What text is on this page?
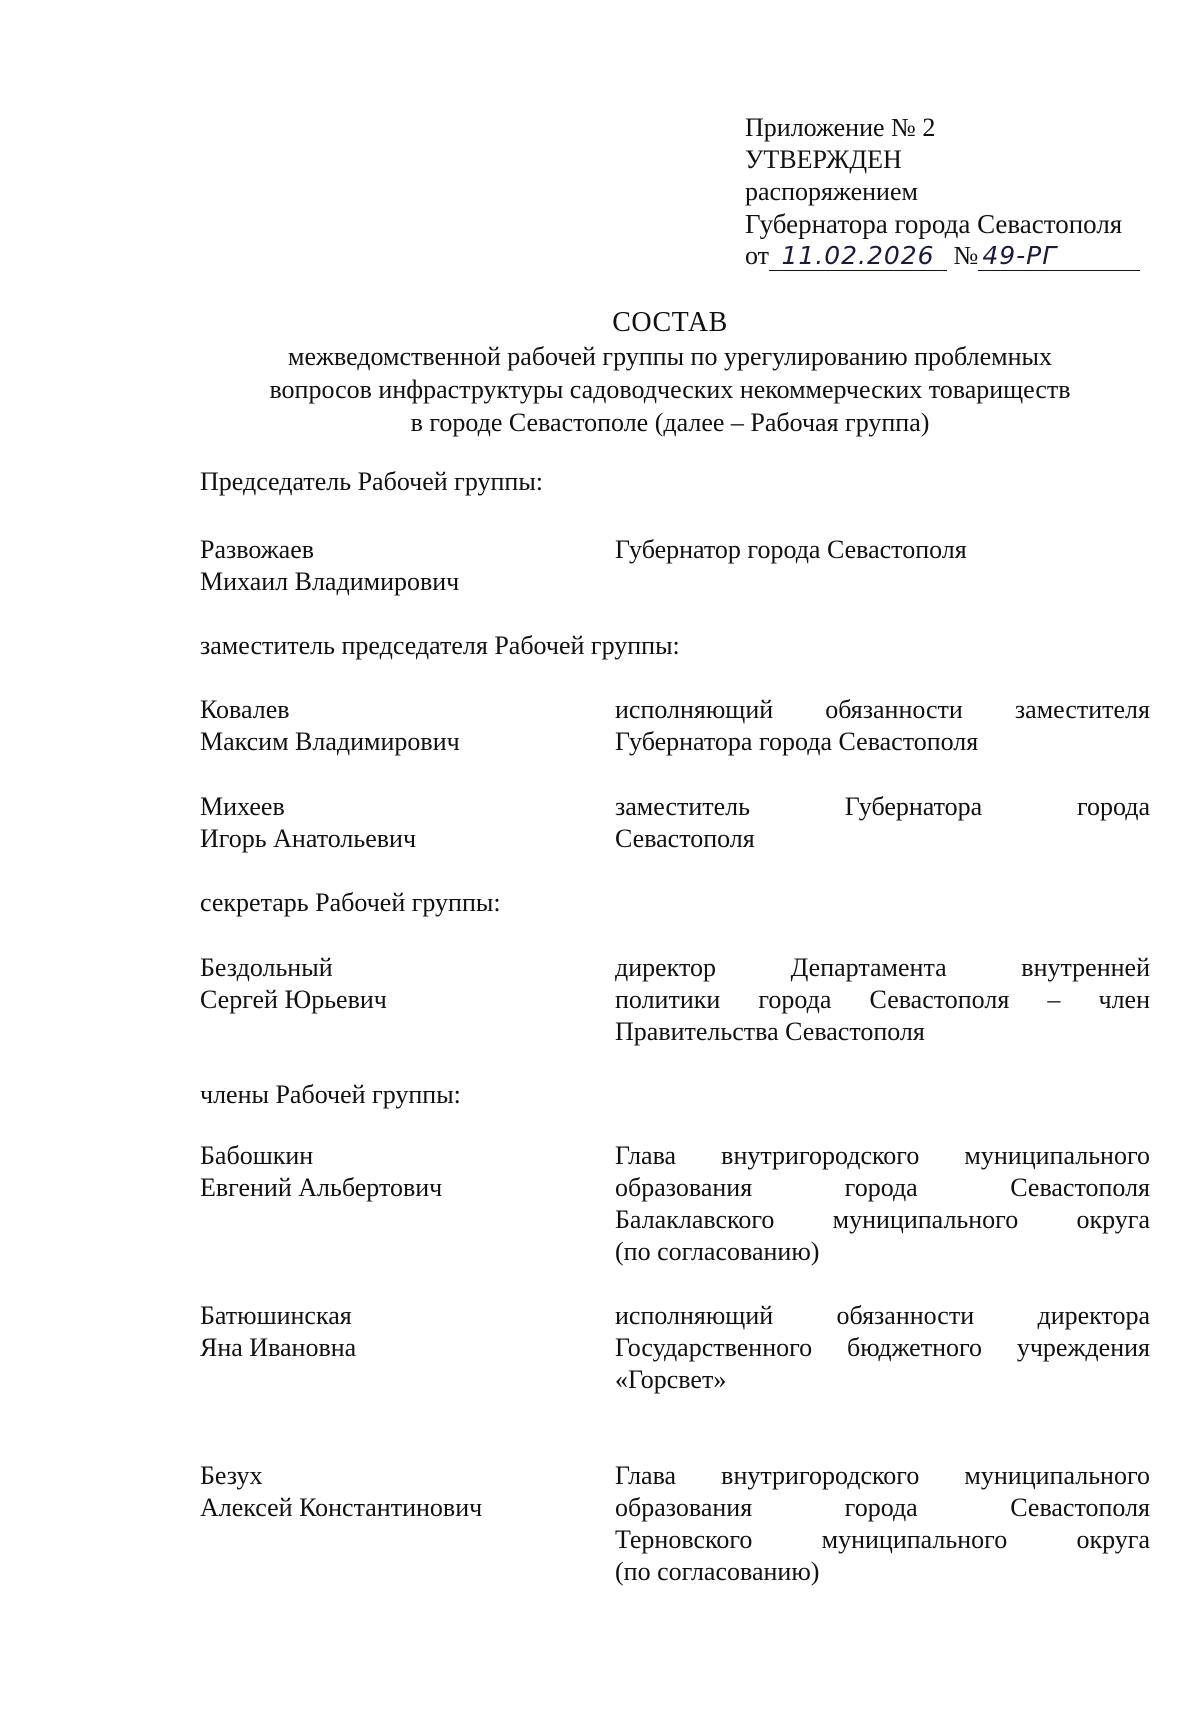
Приложение № 2
УТВЕРЖДЕН
распоряжением
Губернатора города Севастополя
от 11.02.2026 № 49-РГ
СОСТАВ
межведомственной рабочей группы по урегулированию проблемных
вопросов инфраструктуры садоводческих некоммерческих товариществ
в городе Севастополе (далее – Рабочая группа)
Председатель Рабочей группы:
Развожаев
Михаил Владимирович
Губернатор города Севастополя
заместитель председателя Рабочей группы:
Ковалев
Максим Владимирович
исполняющий обязанности заместителя
Губернатора города Севастополя
Михеев
Игорь Анатольевич
заместитель Губернатора города
Севастополя
секретарь Рабочей группы:
Бездольный
Сергей Юрьевич
директор Департамента внутренней
политики города Севастополя – член
Правительства Севастополя
члены Рабочей группы:
Бабошкин
Евгений Альбертович
Глава внутригородского муниципального
образования города Севастополя
Балаклавского муниципального округа
(по согласованию)
Батюшинская
Яна Ивановна
исполняющий обязанности директора
Государственного бюджетного учреждения
«Горсвет»
Безух
Алексей Константинович
Глава внутригородского муниципального
образования города Севастополя
Терновского муниципального округа
(по согласованию)
